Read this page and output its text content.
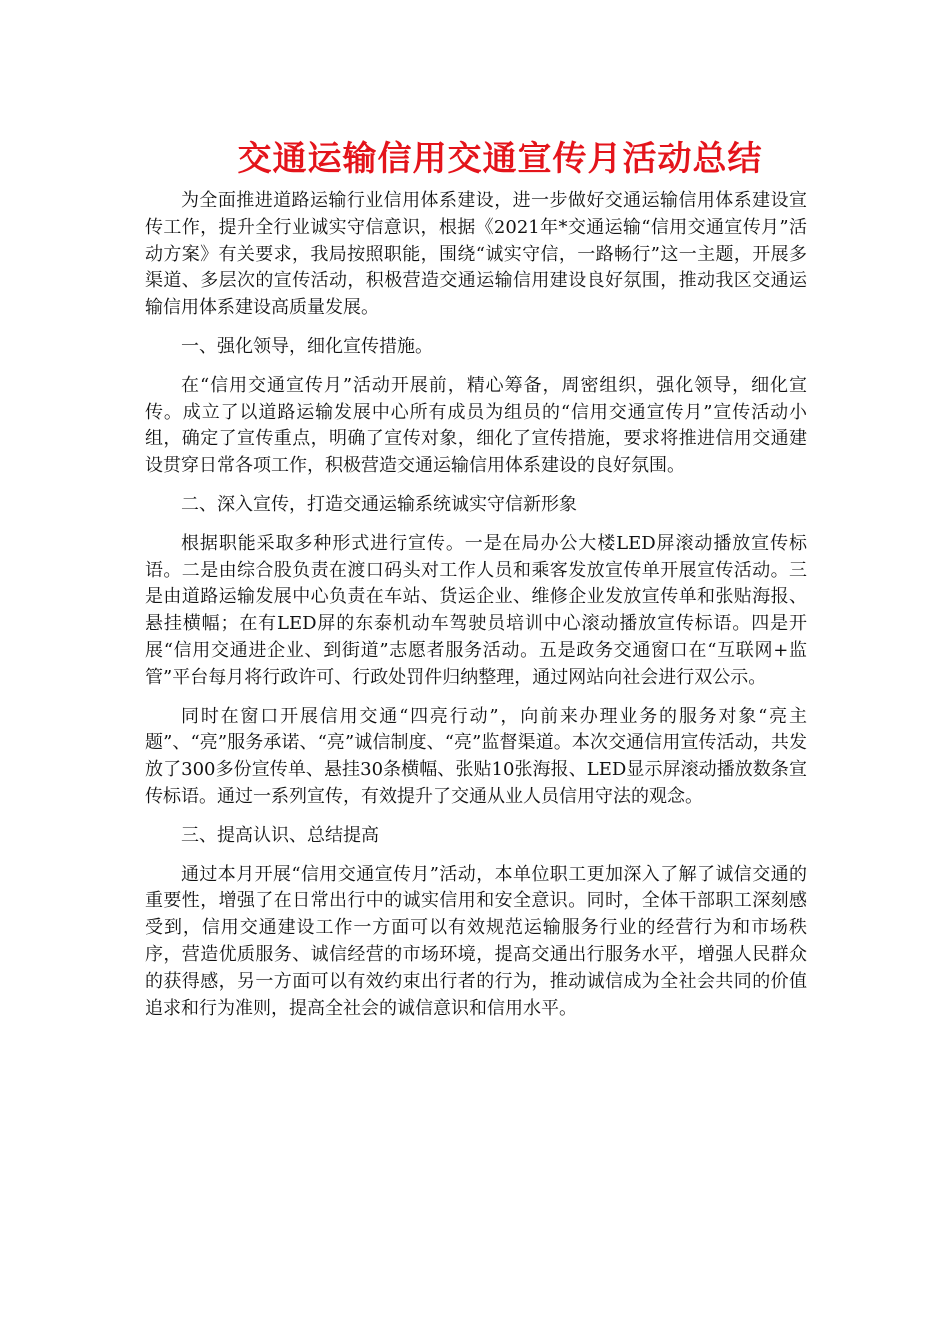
交通运输信用交通宣传月活动总结

为全面推进道路运输行业信用体系建设，进一步做好交通运输信用体系建设宣传工作，提升全行业诚实守信意识，根据《2021年*交通运输“信用交通宣传月”活动方案》有关要求，我局按照职能，围绕“诚实守信，一路畅行”这一主题，开展多渠道、多层次的宣传活动，积极营造交通运输信用建设良好氛围，推动我区交通运输信用体系建设高质量发展。

一、强化领导，细化宣传措施。

在“信用交通宣传月”活动开展前，精心筹备，周密组织，强化领导，细化宣传。成立了以道路运输发展中心所有成员为组员的“信用交通宣传月”宣传活动小组，确定了宣传重点，明确了宣传对象，细化了宣传措施，要求将推进信用交通建设贯穿日常各项工作，积极营造交通运输信用体系建设的良好氛围。

二、深入宣传，打造交通运输系统诚实守信新形象

根据职能采取多种形式进行宣传。一是在局办公大楼LED屏滚动播放宣传标语。二是由综合股负责在渡口码头对工作人员和乘客发放宣传单开展宣传活动。三是由道路运输发展中心负责在车站、货运企业、维修企业发放宣传单和张贴海报、悬挂横幅；在有LED屏的东泰机动车驾驶员培训中心滚动播放宣传标语。四是开展“信用交通进企业、到街道”志愿者服务活动。五是政务交通窗口在“互联网+监管”平台每月将行政许可、行政处罚件归纳整理，通过网站向社会进行双公示。

同时在窗口开展信用交通“四亮行动”，向前来办理业务的服务对象“亮主题”、“亮”服务承诺、“亮”诚信制度、“亮”监督渠道。本次交通信用宣传活动，共发放了300多份宣传单、悬挂30条横幅、张贴10张海报、LED显示屏滚动播放数条宣传标语。通过一系列宣传，有效提升了交通从业人员信用守法的观念。

三、提高认识、总结提高

通过本月开展“信用交通宣传月”活动，本单位职工更加深入了解了诚信交通的重要性，增强了在日常出行中的诚实信用和安全意识。同时，全体干部职工深刻感受到，信用交通建设工作一方面可以有效规范运输服务行业的经营行为和市场秩序，营造优质服务、诚信经营的市场环境，提高交通出行服务水平，增强人民群众的获得感，另一方面可以有效约束出行者的行为，推动诚信成为全社会共同的价值追求和行为准则，提高全社会的诚信意识和信用水平。
